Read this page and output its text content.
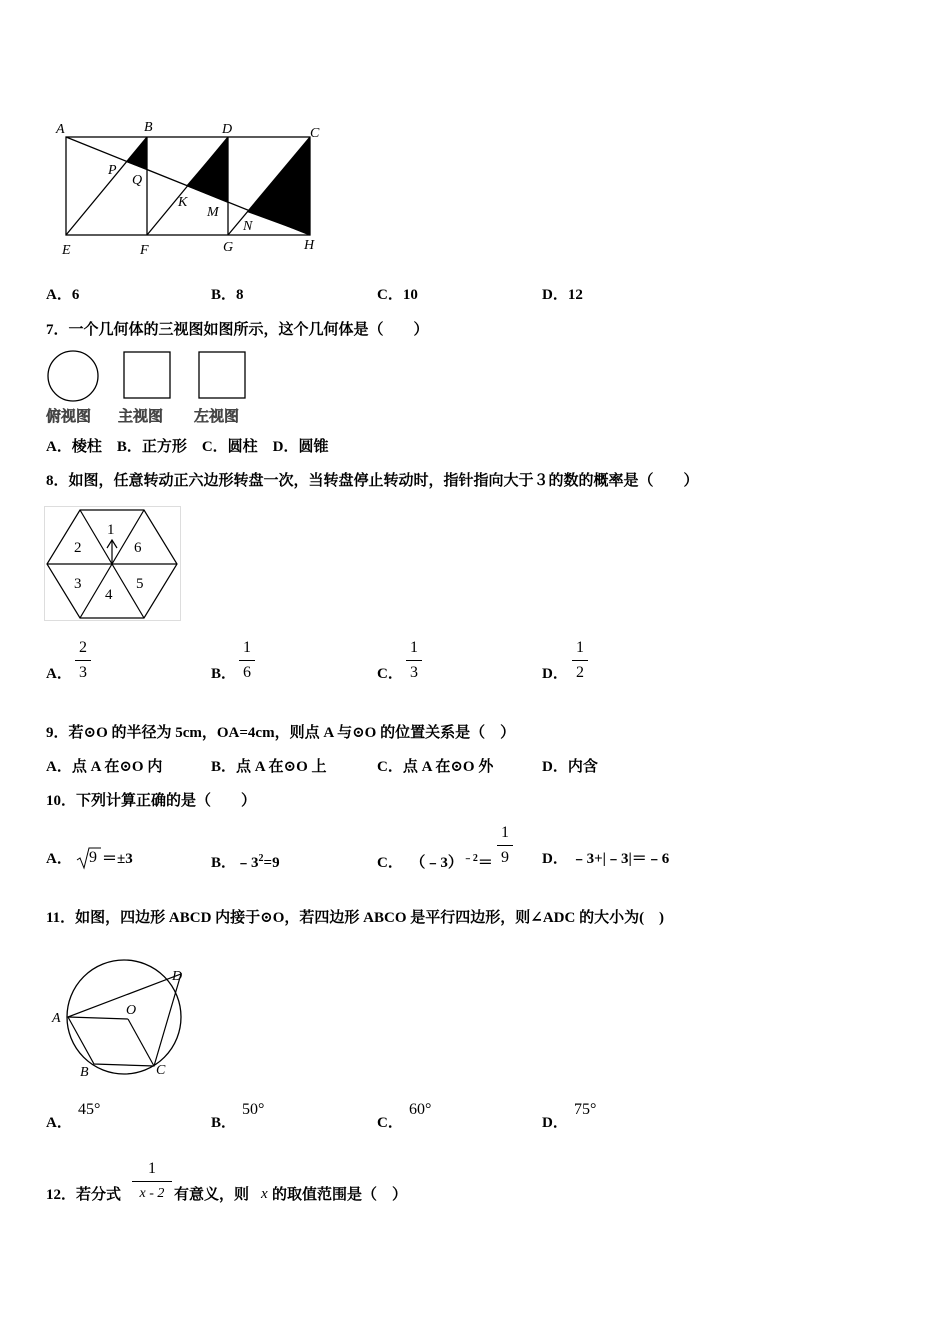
A	B	D	C
P
Q
K
M
N
E	F	G	H
A．6	B．8	C．10	D．12
7．一个几何体的三视图如图所示，这个几何体是（　　）
俯视图 主视图 左视图
A．棱柱　B．正方形　C．圆柱　D．圆锥
8．如图，任意转动正六边形转盘一次，当转盘停止转动时，指针指向大于３的数的概率是（　　）
1
6
5
4
3
2
A．
2
3	B．
1
6	C．
1
3	D．
1
2
9．若⊙O 的半径为 5cm，OA=4cm，则点 A 与⊙O 的位置关系是（　）
A．点 A 在⊙O 内	B．点 A 在⊙O 上	C．点 A 在⊙O 外	D．内含
10．下列计算正确的是（　　）
A． 9 ＝±3	B．$﹣3^2=9$	C． （﹣3）$^{﹣2}$＝
1
9 D． ﹣3+|﹣3|＝﹣6
11．如图，四边形 ABCD 内接于⊙O，若四边形 ABCO 是平行四边形，则∠ADC 的大小为(　)
D
O
A
B	C
A．
45°
B．
50°
C．
60°
D．
75°
12．若分式
1
x - 2 有意义，则 x 的取值范围是（　）
